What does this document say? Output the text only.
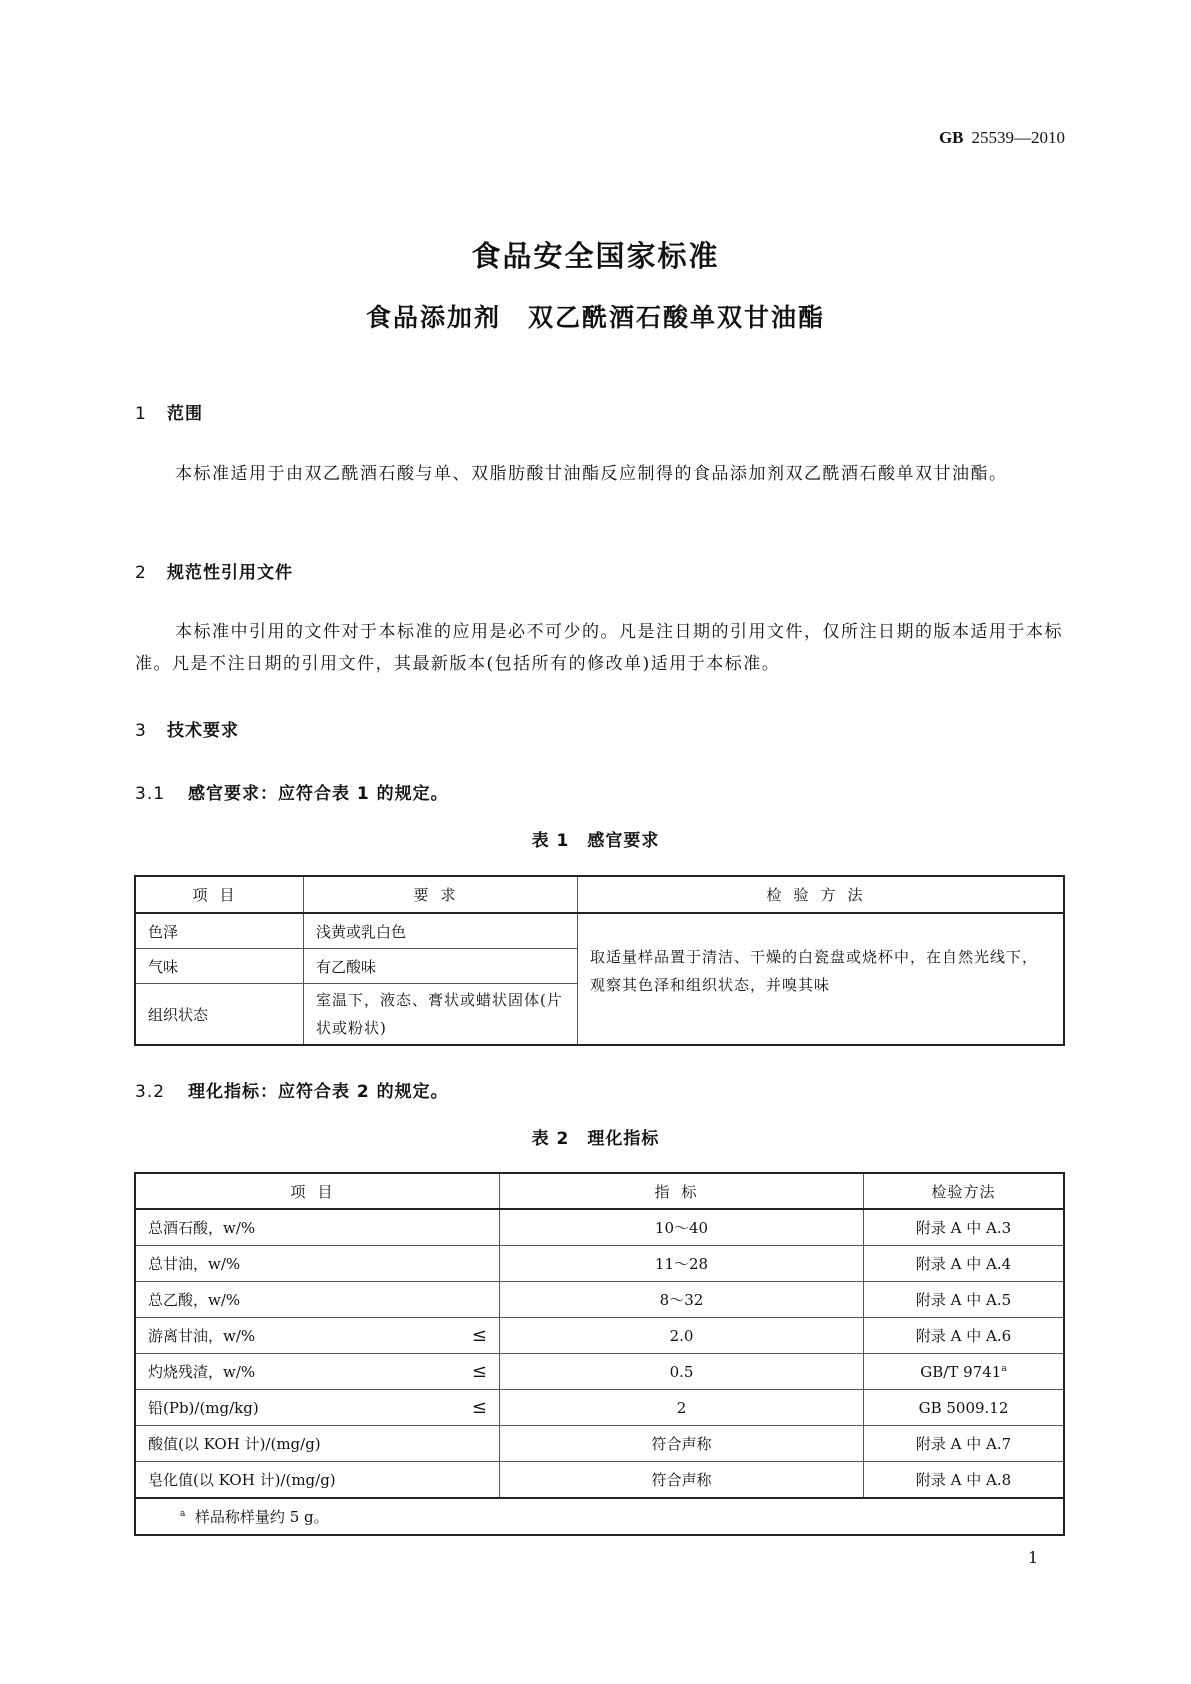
GB 25539—2010
食品安全国家标准
食品添加剂　双乙酰酒石酸单双甘油酯
1 范围
本标准适用于由双乙酰酒石酸与单、双脂肪酸甘油酯反应制得的食品添加剂双乙酰酒石酸单双甘油酯。
2 规范性引用文件
本标准中引用的文件对于本标准的应用是必不可少的。凡是注日期的引用文件，仅所注日期的版本适用于本标准。凡是不注日期的引用文件，其最新版本(包括所有的修改单)适用于本标准。
3 技术要求
3.1 感官要求：应符合表 1 的规定。
表 1　感官要求
项目	要求	检验方法
色泽	浅黄或乳白色	取适量样品置于清洁、干燥的白瓷盘或烧杯中，在自然光线下，观察其色泽和组织状态，并嗅其味
气味	有乙酸味	
组织状态	室温下，液态、膏状或蜡状固体(片状或粉状)	
3.2 理化指标：应符合表 2 的规定。
表 2　理化指标
项目	指标	检验方法
总酒石酸，w/%	10～40	附录 A 中 A.3
总甘油，w/%	11～28	附录 A 中 A.4
总乙酸，w/%	8～32	附录 A 中 A.5
游离甘油，w/% ≤	2.0	附录 A 中 A.6
灼烧残渣，w/% ≤	0.5	GB/T 9741$^a$
铅(Pb)/(mg/kg) ≤	2	GB 5009.12
酸值(以 KOH 计)/(mg/g)	符合声称	附录 A 中 A.7
皂化值(以 KOH 计)/(mg/g)	符合声称	附录 A 中 A.8
$^a$ 样品称样量约 5 g。		
1
